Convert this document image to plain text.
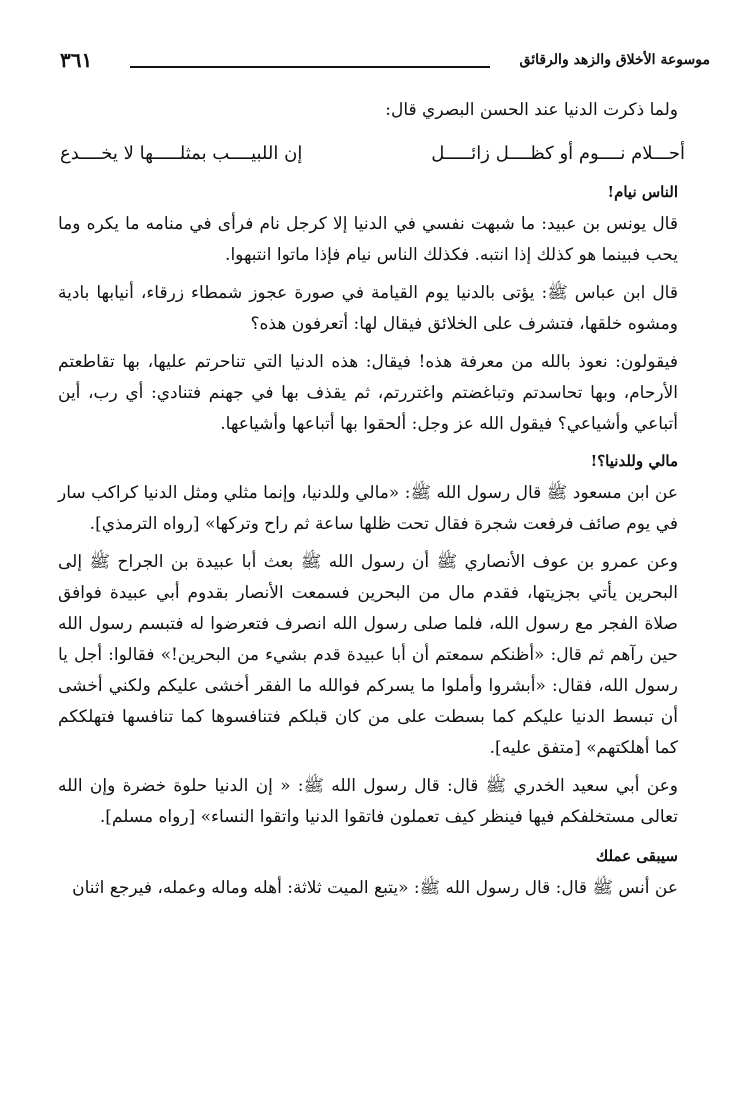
موسوعة الأخلاق والزهد والرقائق
٣٦١

ولما ذكرت الدنيا عند الحسن البصري قال:

الناس نيام!

قال يونس بن عبيد: ما شبهت نفسي في الدنيا إلا كرجل نام فرأى في منامه ما يكره وما يحب فبينما هو كذلك إذا انتبه. فكذلك الناس نيام فإذا ماتوا انتبهوا.

قال ابن عباس ﷺ: يؤتى بالدنيا يوم القيامة في صورة عجوز شمطاء زرقاء، أنيابها بادية ومشوه خلقها، فتشرف على الخلائق فيقال لها: أتعرفون هذه؟

فيقولون: نعوذ بالله من معرفة هذه! فيقال: هذه الدنيا التي تناحرتم عليها، بها تقاطعتم الأرحام، وبها تحاسدتم وتباغضتم واغتررتم، ثم يقذف بها في جهنم فتنادي: أي رب، أين أتباعي وأشياعي؟ فيقول الله عز وجل: ألحقوا بها أتباعها وأشياعها.

مالي وللدنيا؟!

عن ابن مسعود ﷺ قال رسول الله ﷺ: «مالي وللدنيا، وإنما مثلي ومثل الدنيا كراكب سار في يوم صائف فرفعت شجرة فقال تحت ظلها ساعة ثم راح وتركها» [رواه الترمذي].

وعن عمرو بن عوف الأنصاري ﷺ أن رسول الله ﷺ بعث أبا عبيدة بن الجراح ﷺ إلى البحرين يأتي بجزيتها، فقدم مال من البحرين فسمعت الأنصار بقدوم أبي عبيدة فوافق صلاة الفجر مع رسول الله، فلما صلى رسول الله انصرف فتعرضوا له فتبسم رسول الله حين رآهم ثم قال: «أظنكم سمعتم أن أبا عبيدة قدم بشيء من البحرين!» فقالوا: أجل يا رسول الله، فقال: «أبشروا وأملوا ما يسركم فوالله ما الفقر أخشى عليكم ولكني أخشى أن تبسط الدنيا عليكم كما بسطت على من كان قبلكم فتنافسوها كما تنافسها فتهلككم كما أهلكتهم» [متفق عليه].

وعن أبي سعيد الخدري ﷺ قال: قال رسول الله ﷺ: « إن الدنيا حلوة خضرة وإن الله تعالى مستخلفكم فيها فينظر كيف تعملون فاتقوا الدنيا واتقوا النساء» [رواه مسلم].

سيبقى عملك

عن أنس ﷺ قال: قال رسول الله ﷺ: «يتبع الميت ثلاثة: أهله وماله وعمله، فيرجع اثنان

أحـــلام نــــوم أو كظــــل زائـــــل
إن اللبيــــب بمثلـــــها لا يخــــدع
